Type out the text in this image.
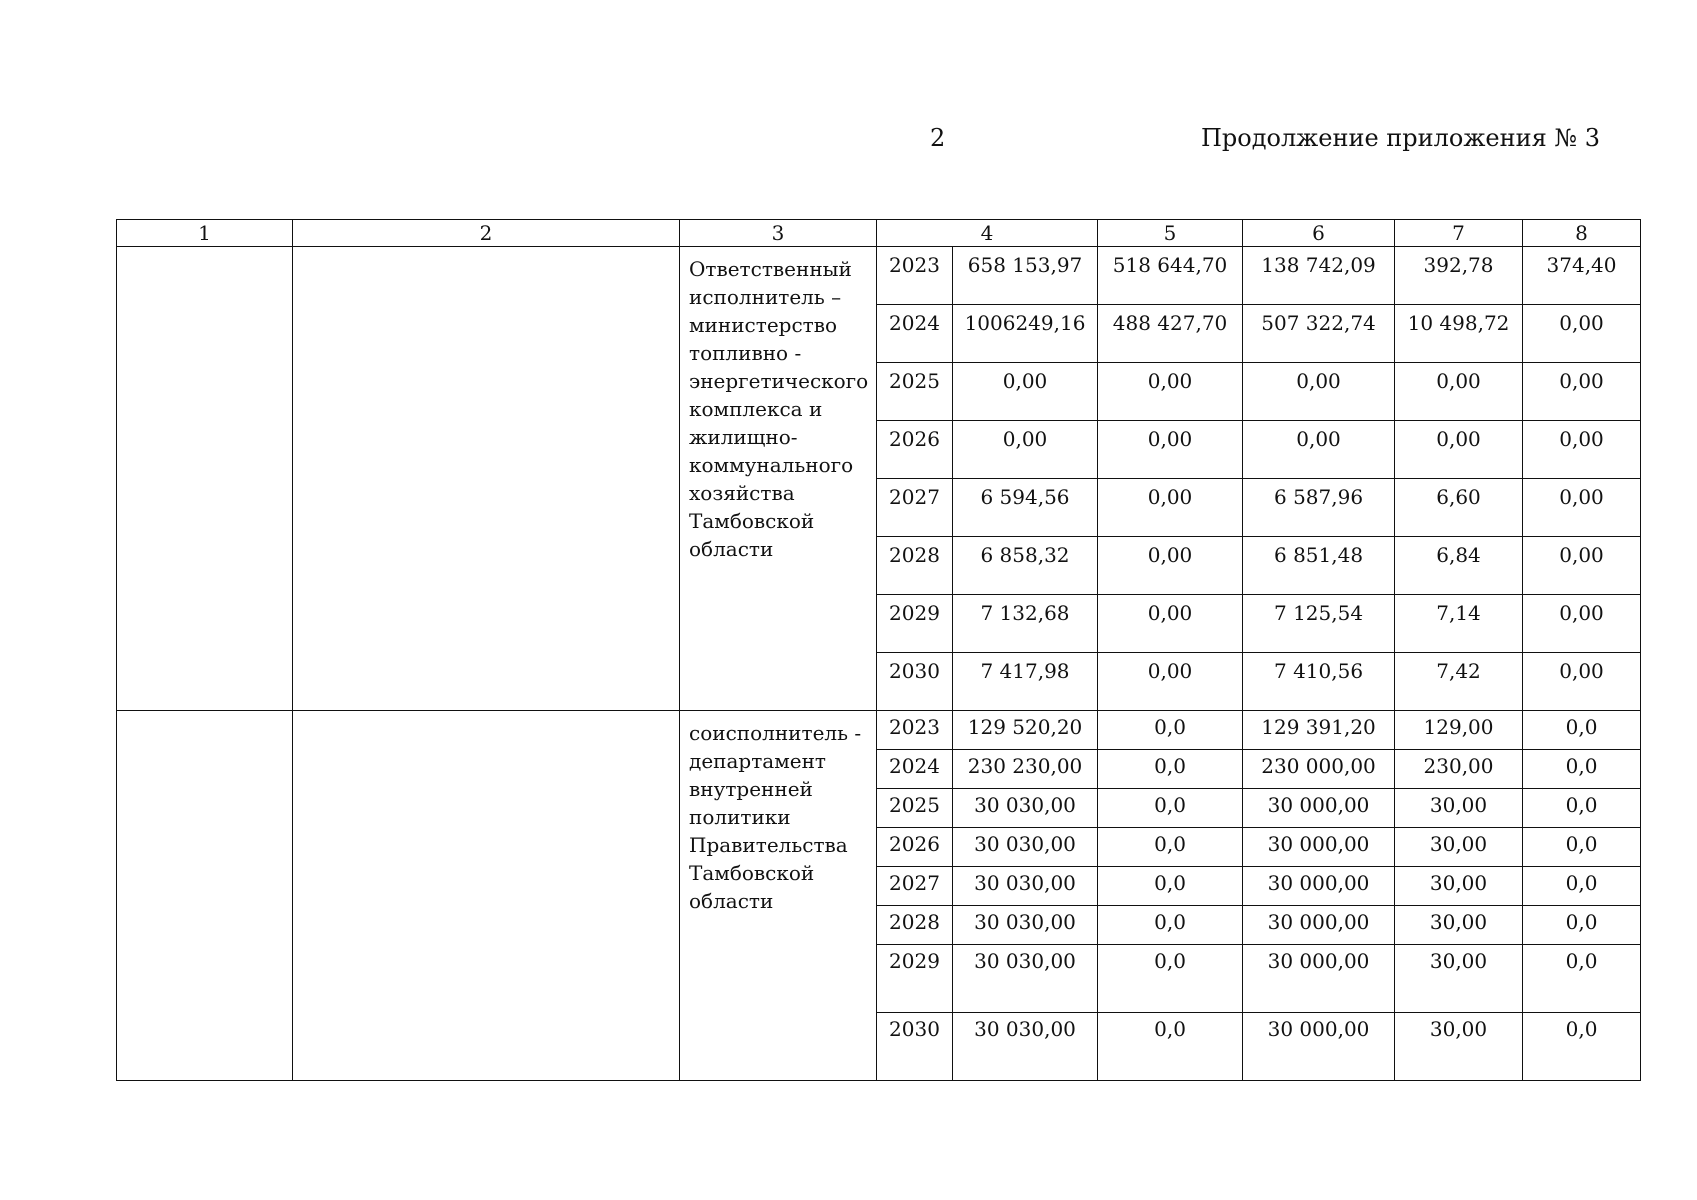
2	Продолжение приложения № 3
1	2	3	4		5	6	7	8
		Ответственный исполнитель – министерство топливно - энергетического комплекса и жилищно-коммунального хозяйства Тамбовской области	2023	658 153,97	518 644,70	138 742,09	392,78	374,40
			2024	1006249,16	488 427,70	507 322,74	10 498,72	0,00
			2025	0,00	0,00	0,00	0,00	0,00
			2026	0,00	0,00	0,00	0,00	0,00
			2027	6 594,56	0,00	6 587,96	6,60	0,00
			2028	6 858,32	0,00	6 851,48	6,84	0,00
			2029	7 132,68	0,00	7 125,54	7,14	0,00
			2030	7 417,98	0,00	7 410,56	7,42	0,00
		соисполнитель - департамент внутренней политики Правительства Тамбовской области	2023	129 520,20	0,0	129 391,20	129,00	0,0
			2024	230 230,00	0,0	230 000,00	230,00	0,0
			2025	30 030,00	0,0	30 000,00	30,00	0,0
			2026	30 030,00	0,0	30 000,00	30,00	0,0
			2027	30 030,00	0,0	30 000,00	30,00	0,0
			2028	30 030,00	0,0	30 000,00	30,00	0,0
			2029	30 030,00	0,0	30 000,00	30,00	0,0
			2030	30 030,00	0,0	30 000,00	30,00	0,0
